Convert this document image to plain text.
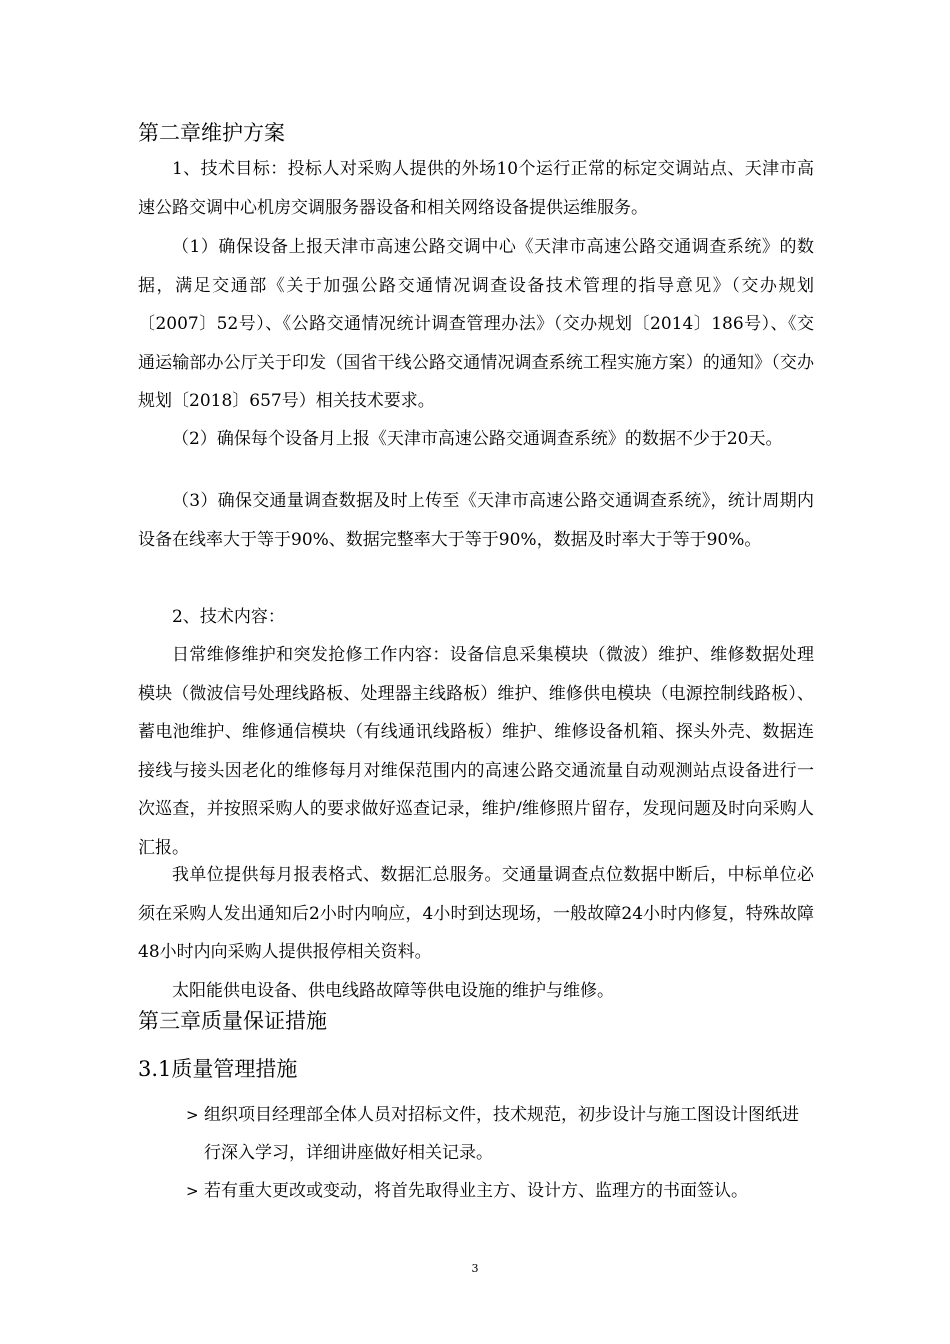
第二章维护方案

1、技术目标：投标人对采购人提供的外场10个运行正常的标定交调站点、天津市高速公路交调中心机房交调服务器设备和相关网络设备提供运维服务。

（1）确保设备上报天津市高速公路交调中心《天津市高速公路交通调查系统》的数据，满足交通部《关于加强公路交通情况调查设备技术管理的指导意见》（交办规划〔2007〕52号）、《公路交通情况统计调查管理办法》（交办规划〔2014〕186号）、《交通运输部办公厅关于印发（国省干线公路交通情况调查系统工程实施方案）的通知》（交办规划〔2018〕657号）相关技术要求。

（2）确保每个设备月上报《天津市高速公路交通调查系统》的数据不少于20天。

（3）确保交通量调查数据及时上传至《天津市高速公路交通调查系统》，统计周期内设备在线率大于等于90%、数据完整率大于等于90%，数据及时率大于等于90%。

2、技术内容：

日常维修维护和突发抢修工作内容：设备信息采集模块（微波）维护、维修数据处理模块（微波信号处理线路板、处理器主线路板）维护、维修供电模块（电源控制线路板）、蓄电池维护、维修通信模块（有线通讯线路板）维护、维修设备机箱、探头外壳、数据连接线与接头因老化的维修每月对维保范围内的高速公路交通流量自动观测站点设备进行一次巡查，并按照采购人的要求做好巡查记录，维护/维修照片留存，发现问题及时向采购人汇报。

我单位提供每月报表格式、数据汇总服务。交通量调查点位数据中断后，中标单位必须在采购人发出通知后2小时内响应，4小时到达现场，一般故障24小时内修复，特殊故障48小时内向采购人提供报停相关资料。

太阳能供电设备、供电线路故障等供电设施的维护与维修。

第三章质量保证措施
3.1质量管理措施
> 组织项目经理部全体人员对招标文件，技术规范，初步设计与施工图设计图纸进行深入学习，详细讲座做好相关记录。
> 若有重大更改或变动，将首先取得业主方、设计方、监理方的书面签认。
3
